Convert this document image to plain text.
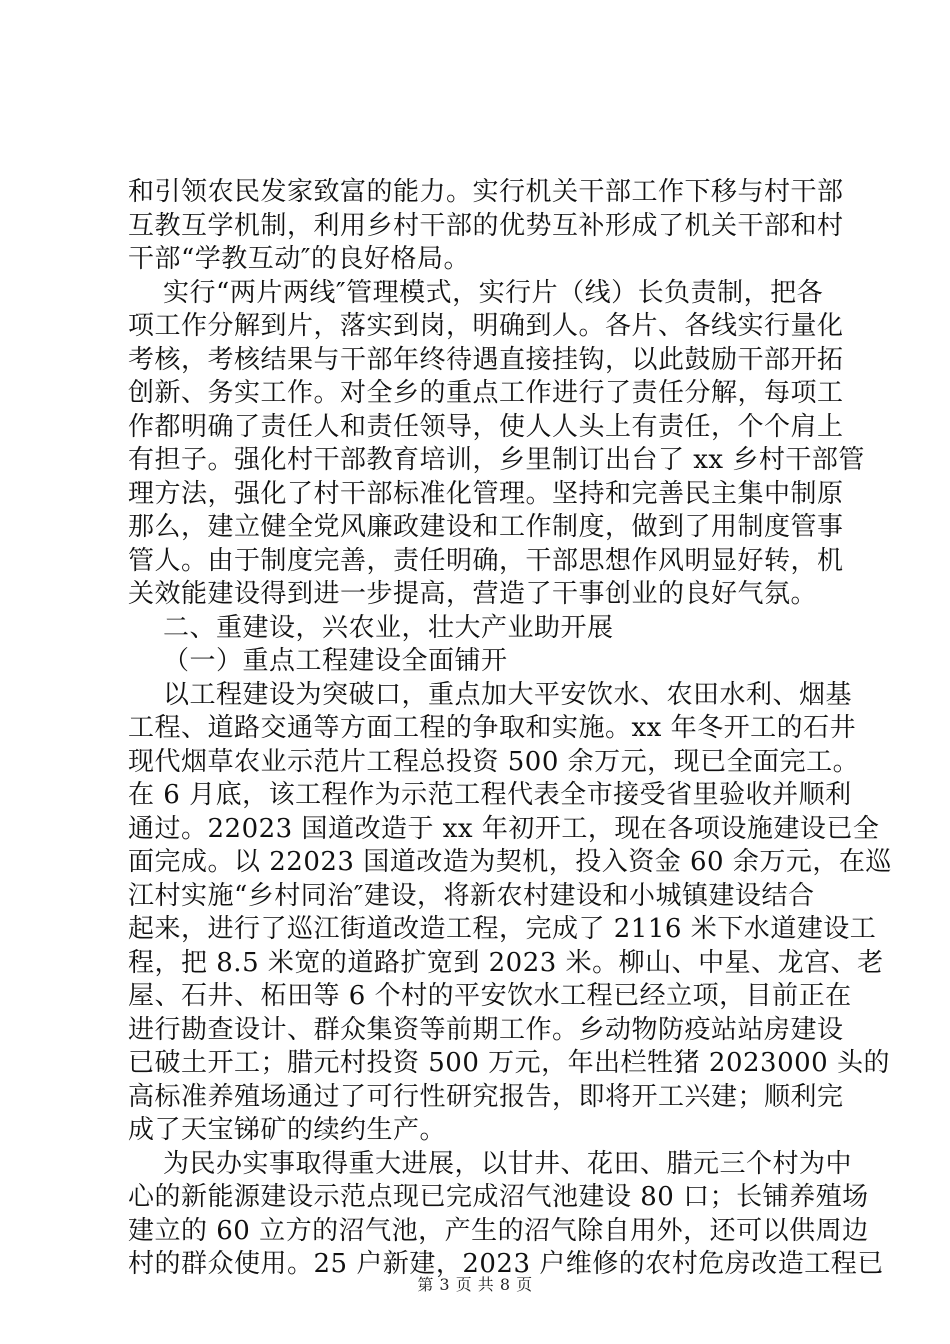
和引领农民发家致富的能力。实行机关干部工作下移与村干部
互教互学机制，利用乡村干部的优势互补形成了机关干部和村
干部“学教互动″的良好格局。
实行“两片两线″管理模式，实行片（线）长负责制，把各
项工作分解到片，落实到岗，明确到人。各片、各线实行量化
考核，考核结果与干部年终待遇直接挂钩，以此鼓励干部开拓
创新、务实工作。对全乡的重点工作进行了责任分解，每项工
作都明确了责任人和责任领导，使人人头上有责任，个个肩上
有担子。强化村干部教育培训，乡里制订出台了 xx 乡村干部管
理方法，强化了村干部标准化管理。坚持和完善民主集中制原
那么，建立健全党风廉政建设和工作制度，做到了用制度管事
管人。由于制度完善，责任明确，干部思想作风明显好转，机
关效能建设得到进一步提高，营造了干事创业的良好气氛。
二、重建设，兴农业，壮大产业助开展
（一）重点工程建设全面铺开
以工程建设为突破口，重点加大平安饮水、农田水利、烟基
工程、道路交通等方面工程的争取和实施。xx 年冬开工的石井
现代烟草农业示范片工程总投资 500 余万元，现已全面完工。
在 6 月底，该工程作为示范工程代表全市接受省里验收并顺利
通过。22023 国道改造于 xx 年初开工，现在各项设施建设已全
面完成。以 22023 国道改造为契机，投入资金 60 余万元，在巡
江村实施“乡村同治″建设，将新农村建设和小城镇建设结合
起来，进行了巡江街道改造工程，完成了 2116 米下水道建设工
程，把 8.5 米宽的道路扩宽到 2023 米。柳山、中星、龙宫、老
屋、石井、柘田等 6 个村的平安饮水工程已经立项，目前正在
进行勘查设计、群众集资等前期工作。乡动物防疫站站房建设
已破土开工；腊元村投资 500 万元，年出栏牲猪 2023000 头的
高标准养殖场通过了可行性研究报告，即将开工兴建；顺利完
成了天宝锑矿的续约生产。
为民办实事取得重大进展，以甘井、花田、腊元三个村为中
心的新能源建设示范点现已完成沼气池建设 80 口；长铺养殖场
建立的 60 立方的沼气池，产生的沼气除自用外，还可以供周边
村的群众使用。25 户新建，2023 户维修的农村危房改造工程已
第 3 页 共 8 页
